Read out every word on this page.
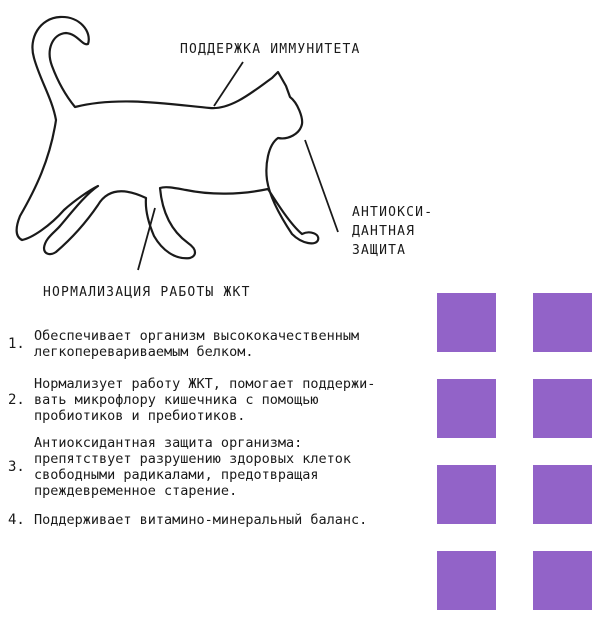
ПОДДЕРЖКА ИММУНИТЕТА
АНТИОКСИ-
ДАНТНАЯ
ЗАЩИТА
НОРМАЛИЗАЦИЯ РАБОТЫ ЖКТ
1. Обеспечивает организм высококачественным
легкоперевариваемым белком.
2.
Нормализует работу ЖКТ, помогает поддержи-
вать микрофлору кишечника с помощью
пробиотиков и пребиотиков.
3.
Антиоксидантная защита организма:
препятствует разрушению здоровых клеток
свободными радикалами, предотвращая
преждевременное старение.
4. Поддерживает витамино-минеральный баланс.
